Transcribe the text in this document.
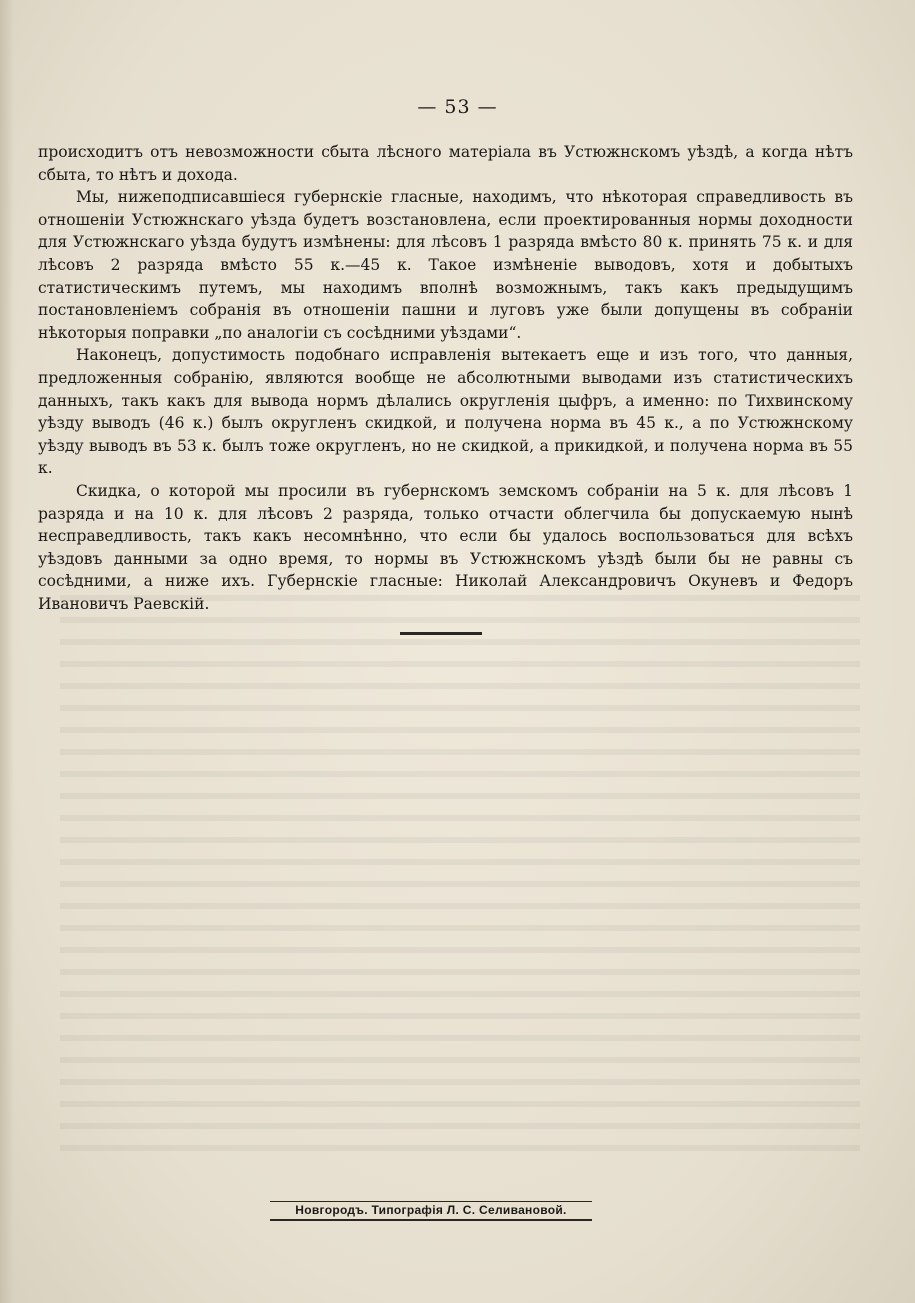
— 53 —

происходитъ отъ невозможности сбыта лѣсного матеріала въ Устюжнскомъ уѣздѣ, а когда нѣтъ сбыта, то нѣтъ и дохода.

Мы, нижеподписавшіеся губернскіе гласные, находимъ, что нѣкоторая справедливость въ отношеніи Устюжнскаго уѣзда будетъ возстановлена, если проектированныя нормы доходности для Устюжнскаго уѣзда будутъ измѣнены: для лѣсовъ 1 разряда вмѣсто 80 к. принять 75 к. и для лѣсовъ 2 разряда вмѣсто 55 к.—45 к. Такое измѣненіе выводовъ, хотя и добытыхъ статистическимъ путемъ, мы находимъ вполнѣ возможнымъ, такъ какъ предыдущимъ постановленіемъ собранія въ отношеніи пашни и луговъ уже были допущены въ собраніи нѣкоторыя поправки „по аналогіи съ сосѣдними уѣздами“.

Наконецъ, допустимость подобнаго исправленія вытекаетъ еще и изъ того, что данныя, предложенныя собранію, являются вообще не абсолютными выводами изъ статистическихъ данныхъ, такъ какъ для вывода нормъ дѣлались округленія цыфръ, а именно: по Тихвинскому уѣзду выводъ (46 к.) былъ округленъ скидкой, и получена норма въ 45 к., а по Устюжнскому уѣзду выводъ въ 53 к. былъ тоже округленъ, но не скидкой, а прикидкой, и получена норма въ 55 к.

Скидка, о которой мы просили въ губернскомъ земскомъ собраніи на 5 к. для лѣсовъ 1 разряда и на 10 к. для лѣсовъ 2 разряда, только отчасти облегчила бы допускаемую нынѣ несправедливость, такъ какъ несомнѣнно, что если бы удалось воспользоваться для всѣхъ уѣздовъ данными за одно время, то нормы въ Устюжнскомъ уѣздѣ были бы не равны съ сосѣдними, а ниже ихъ. Губернскіе гласные: Николай Александровичъ Окуневъ и Федоръ Ивановичъ Раевскій.

Новгородъ. Типографія Л. С. Селивановой.
